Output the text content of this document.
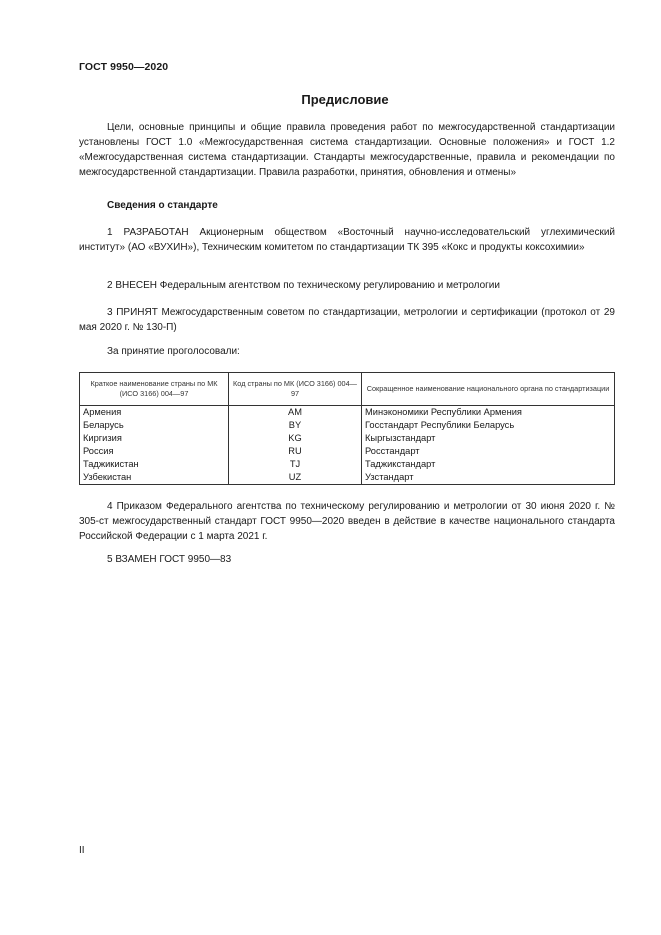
ГОСТ 9950—2020
Предисловие

Цели, основные принципы и общие правила проведения работ по межгосударственной стандартизации установлены ГОСТ 1.0 «Межгосударственная система стандартизации. Основные положения» и ГОСТ 1.2 «Межгосударственная система стандартизации. Стандарты межгосударственные, правила и рекомендации по межгосударственной стандартизации. Правила разработки, принятия, обновления и отмены»

Сведения о стандарте

1 РАЗРАБОТАН Акционерным обществом «Восточный научно-исследовательский углехимический институт» (АО «ВУХИН»), Техническим комитетом по стандартизации ТК 395 «Кокс и продукты коксохимии»

2 ВНЕСЕН Федеральным агентством по техническому регулированию и метрологии

3 ПРИНЯТ Межгосударственным советом по стандартизации, метрологии и сертификации (протокол от 29 мая 2020 г. № 130-П)

За принятие проголосовали:
Краткое наименование страны по МК (ИСО 3166) 004—97	Код страны по МК (ИСО 3166) 004—97	Сокращенное наименование национального органа по стандартизации
Армения	AM	Минэкономики Республики Армения
Беларусь	BY	Госстандарт Республики Беларусь
Киргизия	KG	Кыргызстандарт
Россия	RU	Росстандарт
Таджикистан	TJ	Таджикстандарт
Узбекистан	UZ	Узстандарт

4 Приказом Федерального агентства по техническому регулированию и метрологии от 30 июня 2020 г. № 305-ст межгосударственный стандарт ГОСТ 9950—2020 введен в действие в качестве национального стандарта Российской Федерации с 1 марта 2021 г.

5 ВЗАМЕН ГОСТ 9950—83

II
